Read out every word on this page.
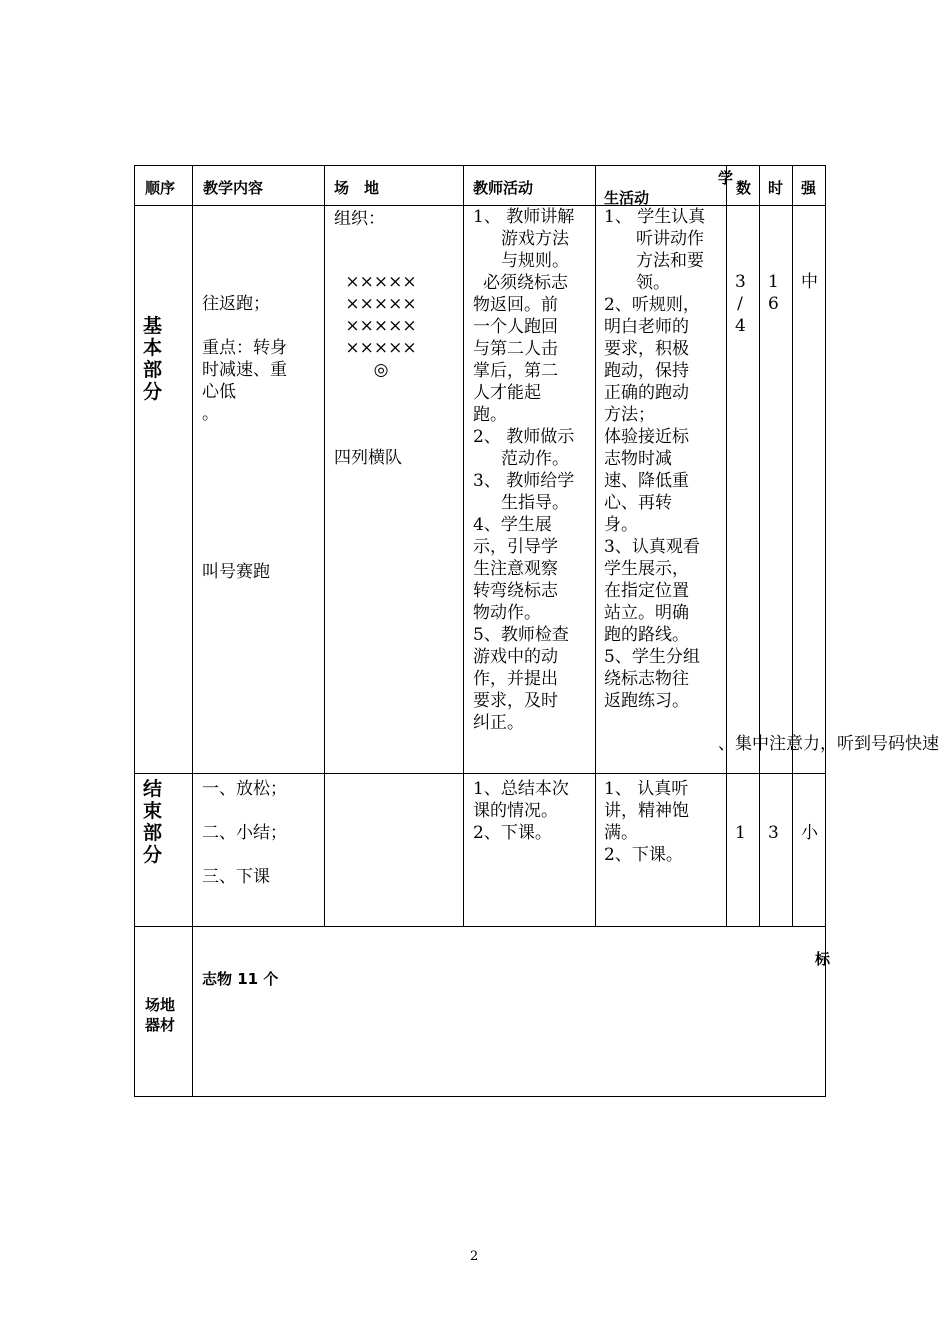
顺序 教学内容	场　地	教师活动
学
生活动
数 时 强
基
本
部
分
往返跑；
重点：转身
时减速、重
心低
。
叫号赛跑
组织：
×××××
×××××
×××××
×××××
◎
四列横队
1、 教师讲解
游戏方法
与规则。
必须绕标志
物返回。前
一个人跑回
与第二人击
掌后，第二
人才能起
跑。
2、 教师做示
范动作。
3、 教师给学
生指导。
4、学生展
示，引导学
生注意观察
转弯绕标志
物动作。
5、教师检查
游戏中的动
作，并提出
要求，及时
纠正。
1、 学生认真
听讲动作
方法和要
领。
2、听规则，
明白老师的
要求，积极
跑动，保持
正确的跑动
方法；
体验接近标
志物时减
速、降低重
心、再转
身。
3、认真观看
学生展示，
在指定位置
站立。明确
跑的路线。
5、学生分组
绕标志物往
返跑练习。
、集中注意力，听到号码快速
3
/
4
1
6
中
结
束
部
分
一、放松；
二、小结；
三、下课
1、总结本次
课的情况。
2、下课。
1、 认真听
讲，精神饱
满。
2、下课。
1 3 小
场地
器材
标
志物 11 个
2
